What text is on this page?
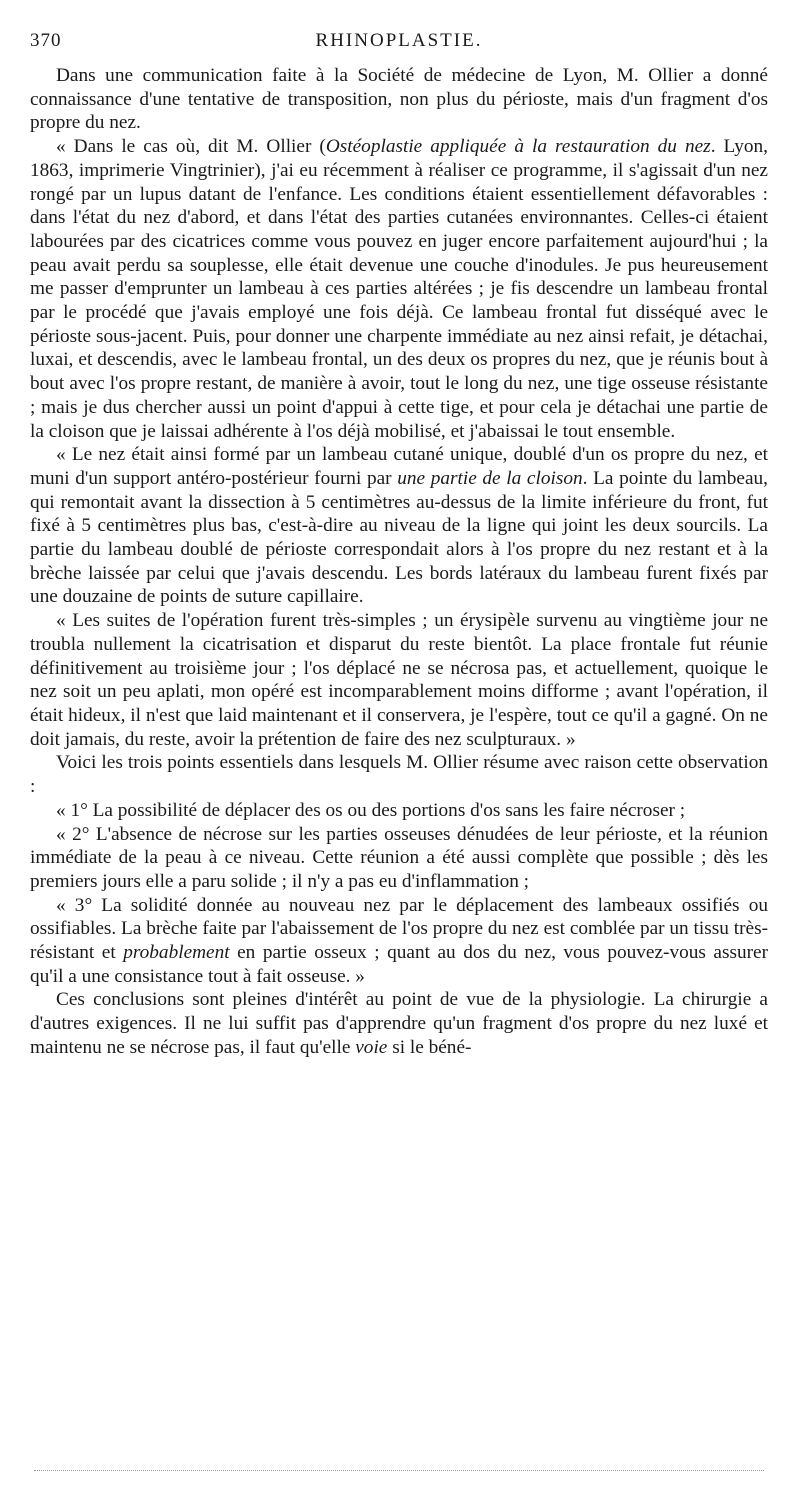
370	RHINOPLASTIE.

Dans une communication faite à la Société de médecine de Lyon, M. Ollier a donné connaissance d'une tentative de transposition, non plus du périoste, mais d'un fragment d'os propre du nez.

« Dans le cas où, dit M. Ollier (Ostéoplastie appliquée à la restauration du nez. Lyon, 1863, imprimerie Vingtrinier), j'ai eu récemment à réaliser ce programme, il s'agissait d'un nez rongé par un lupus datant de l'enfance. Les conditions étaient essentiellement défavorables : dans l'état du nez d'abord, et dans l'état des parties cutanées environnantes. Celles-ci étaient labourées par des cicatrices comme vous pouvez en juger encore parfaitement aujourd'hui ; la peau avait perdu sa souplesse, elle était devenue une couche d'inodules. Je pus heureusement me passer d'emprunter un lambeau à ces parties altérées ; je fis descendre un lambeau frontal par le procédé que j'avais employé une fois déjà. Ce lambeau frontal fut disséqué avec le périoste sous-jacent. Puis, pour donner une charpente immédiate au nez ainsi refait, je détachai, luxai, et descendis, avec le lambeau frontal, un des deux os propres du nez, que je réunis bout à bout avec l'os propre restant, de manière à avoir, tout le long du nez, une tige osseuse résistante ; mais je dus chercher aussi un point d'appui à cette tige, et pour cela je détachai une partie de la cloison que je laissai adhérente à l'os déjà mobilisé, et j'abaissai le tout ensemble.

« Le nez était ainsi formé par un lambeau cutané unique, doublé d'un os propre du nez, et muni d'un support antéro-postérieur fourni par une partie de la cloison. La pointe du lambeau, qui remontait avant la dissection à 5 centimètres au-dessus de la limite inférieure du front, fut fixé à 5 centimètres plus bas, c'est-à-dire au niveau de la ligne qui joint les deux sourcils. La partie du lambeau doublé de périoste correspondait alors à l'os propre du nez restant et à la brèche laissée par celui que j'avais descendu. Les bords latéraux du lambeau furent fixés par une douzaine de points de suture capillaire.

« Les suites de l'opération furent très-simples ; un érysipèle survenu au vingtième jour ne troubla nullement la cicatrisation et disparut du reste bientôt. La place frontale fut réunie définitivement au troisième jour ; l'os déplacé ne se nécrosa pas, et actuellement, quoique le nez soit un peu aplati, mon opéré est incomparablement moins difforme ; avant l'opération, il était hideux, il n'est que laid maintenant et il conservera, je l'espère, tout ce qu'il a gagné. On ne doit jamais, du reste, avoir la prétention de faire des nez sculpturaux. »

Voici les trois points essentiels dans lesquels M. Ollier résume avec raison cette observation :

« 1° La possibilité de déplacer des os ou des portions d'os sans les faire nécroser ;

« 2° L'absence de nécrose sur les parties osseuses dénudées de leur périoste, et la réunion immédiate de la peau à ce niveau. Cette réunion a été aussi complète que possible ; dès les premiers jours elle a paru solide ; il n'y a pas eu d'inflammation ;

« 3° La solidité donnée au nouveau nez par le déplacement des lambeaux ossifiés ou ossifiables. La brèche faite par l'abaissement de l'os propre du nez est comblée par un tissu très-résistant et probablement en partie osseux ; quant au dos du nez, vous pouvez-vous assurer qu'il a une consistance tout à fait osseuse. »

Ces conclusions sont pleines d'intérêt au point de vue de la physiologie. La chirurgie a d'autres exigences. Il ne lui suffit pas d'apprendre qu'un fragment d'os propre du nez luxé et maintenu ne se nécrose pas, il faut qu'elle voie si le béné-
